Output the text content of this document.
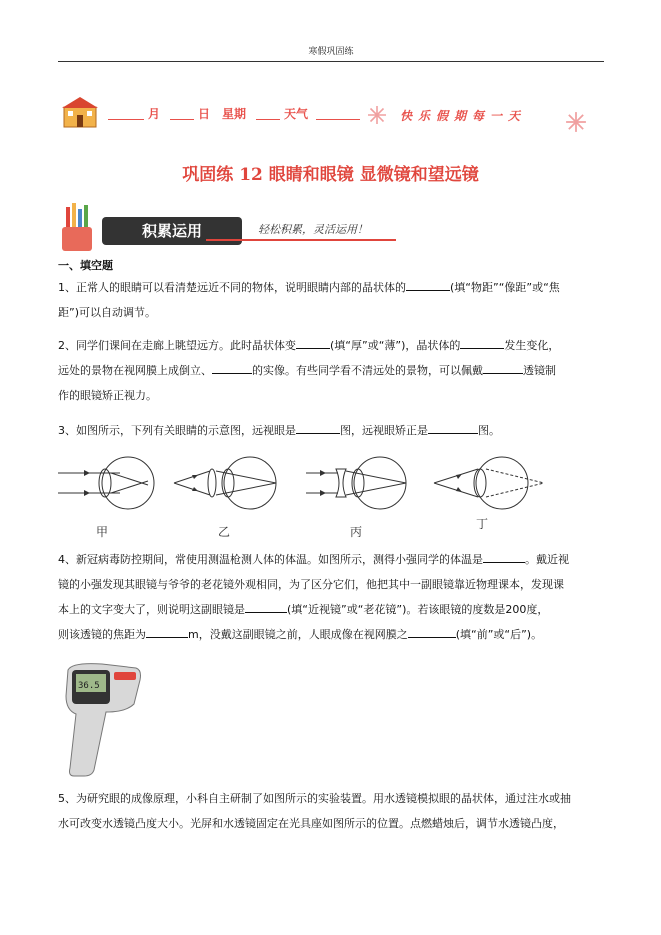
寒假巩固练
月	日 星期	天气	快乐假期每一天
巩固练 12 眼睛和眼镜 显微镜和望远镜
积累运用	轻松积累，灵活运用！
一、填空题
1、正常人的眼睛可以看清楚远近不同的物体，说明眼睛内部的晶状体的	(填“物距”“像距”或“焦
距”)可以自动调节。
2、同学们课间在走廊上眺望远方。此时晶状体变	(填“厚”或“薄”)，晶状体的	发生变化，
远处的景物在视网膜上成倒立、	的实像。有些同学看不清远处的景物，可以佩戴	透镜制
作的眼镜矫正视力。
3、如图所示，下列有关眼睛的示意图，远视眼是	图，远视眼矫正是	图。
甲	乙	丙
丁
4、新冠病毒防控期间，常使用测温枪测人体的体温。如图所示，测得小强同学的体温是	。戴近视
镜的小强发现其眼镜与爷爷的老花镜外观相同，为了区分它们，他把其中一副眼镜靠近物理课本，发现课
本上的文字变大了，则说明这副眼镜是	(填“近视镜”或“老花镜”)。若该眼镜的度数是200度，
则该透镜的焦距为	m，没戴这副眼镜之前，人眼成像在视网膜之	(填“前”或“后”)。
36.5
5、为研究眼的成像原理，小科自主研制了如图所示的实验装置。用水透镜模拟眼的晶状体，通过注水或抽
水可改变水透镜凸度大小。光屏和水透镜固定在光具座如图所示的位置。点燃蜡烛后，调节水透镜凸度，
